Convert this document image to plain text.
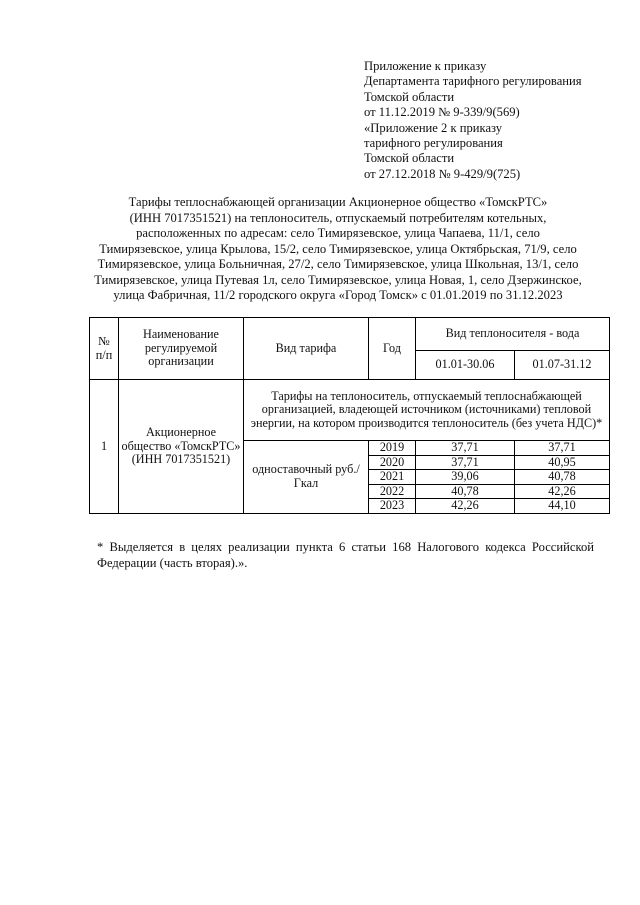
Приложение к приказу
Департамента тарифного регулирования
Томской области
от 11.12.2019 № 9-339/9(569)
«Приложение 2 к приказу
тарифного регулирования
Томской области
от 27.12.2018 № 9-429/9(725)
Тарифы теплоснабжающей организации Акционерное общество «ТомскРТС»
(ИНН 7017351521) на теплоноситель, отпускаемый потребителям котельных,
расположенных по адресам: село Тимирязевское, улица Чапаева, 11/1, село
Тимирязевское, улица Крылова, 15/2, село Тимирязевское, улица Октябрьская, 71/9, село
Тимирязевское, улица Больничная, 27/2, село Тимирязевское, улица Школьная, 13/1, село
Тимирязевское, улица Путевая 1л, село Тимирязевское, улица Новая, 1, село Дзержинское,
улица Фабричная, 11/2 городского округа «Город Томск» с 01.01.2019 по 31.12.2023
№ п/п	Наименование регулируемой организации	Вид тарифа	Год	Вид теплоносителя - вода	
				01.01-30.06	01.07-31.12
1	Акционерное общество «ТомскРТС» (ИНН 7017351521)	Тарифы на теплоноситель, отпускаемый теплоснабжающей организацией, владеющей источником (источниками) тепловой энергии, на котором производится теплоноситель (без учета НДС)*			
		одноставочный руб./Гкал	2019	37,71	37,71
			2020	37,71	40,95
			2021	39,06	40,78
			2022	40,78	42,26
			2023	42,26	44,10
* Выделяется в целях реализации пункта 6 статьи 168 Налогового кодекса Российской Федерации (часть вторая).».
